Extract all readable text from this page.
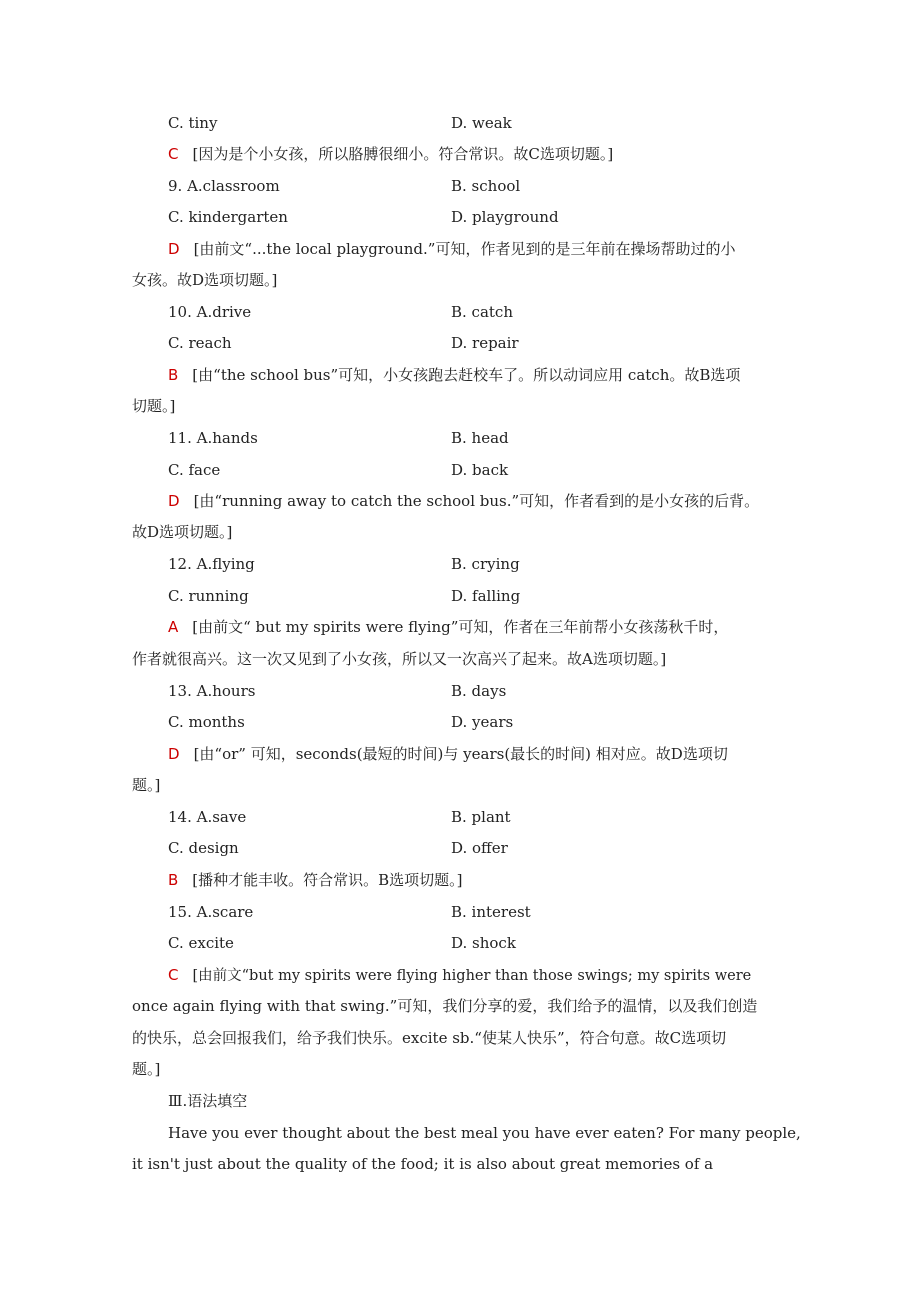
C. tiny	D. weak
C [因为是个小女孩，所以胳膊很细小。符合常识。故C选项切题。]
9. A.classroom	B. school
C. kindergarten	D. playground
D [由前文“...the local playground.”可知，作者见到的是三年前在操场帮助过的小
女孩。故D选项切题。]
10. A.drive	B. catch
C. reach	D. repair
B [由“the school bus”可知，小女孩跑去赶校车了。所以动词应用 catch。故B选项
切题。]
11. A.hands	B. head
C. face	D. back
D [由“running away to catch the school bus.”可知，作者看到的是小女孩的后背。
故D选项切题。]
12. A.flying	B. crying
C. running	D. falling
A [由前文“ but my spirits were flying”可知，作者在三年前帮小女孩荡秋千时，
作者就很高兴。这一次又见到了小女孩，所以又一次高兴了起来。故A选项切题。]
13. A.hours	B. days
C. months	D. years
D [由“or” 可知，seconds(最短的时间)与 years(最长的时间) 相对应。故D选项切
题。]
14. A.save	B. plant
C. design	D. offer
B [播种才能丰收。符合常识。B选项切题。]
15. A.scare	B. interest
C. excite	D. shock
C [由前文“but my spirits were flying higher than those swings; my spirits were
once again flying with that swing.”可知，我们分享的爱，我们给予的温情，以及我们创造
的快乐，总会回报我们，给予我们快乐。excite sb.“使某人快乐”，符合句意。故C选项切
题。]
Ⅲ.语法填空
Have you ever thought about the best meal you have ever eaten? For many people,
it isn't just about the quality of the food; it is also about great memories of a
